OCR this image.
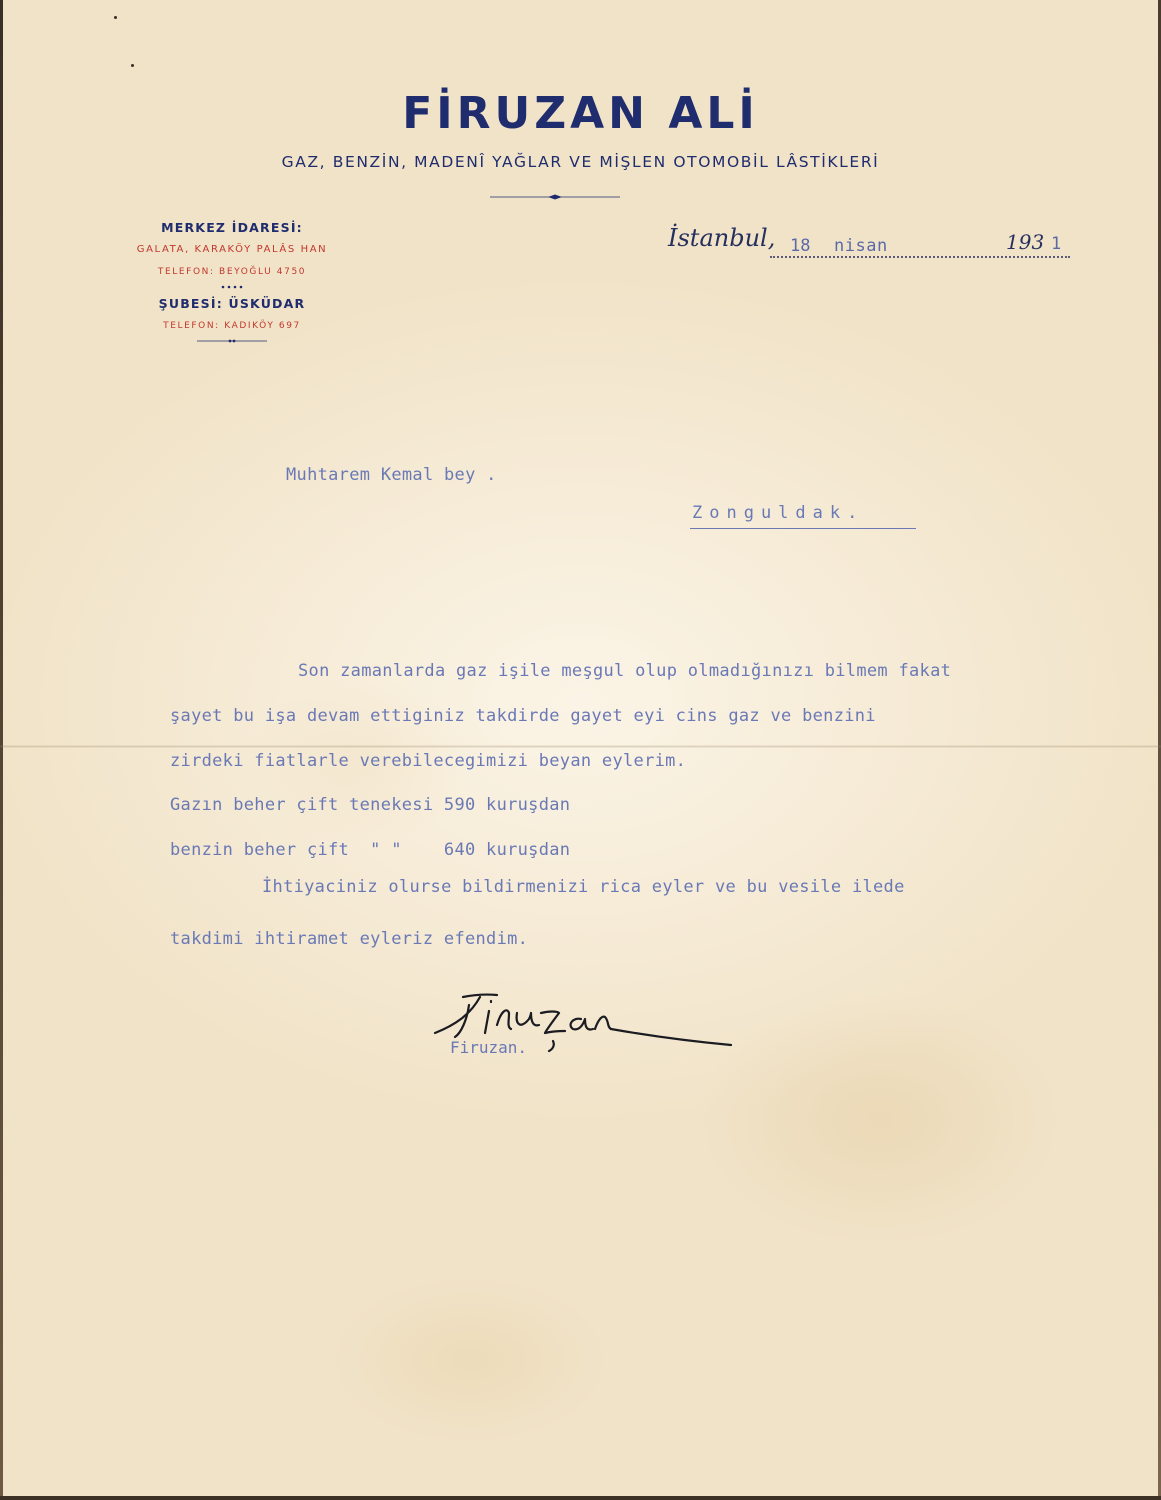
FİRUZAN ALİ
GAZ, BENZİN, MADENÎ YAĞLAR VE MİŞLEN OTOMOBİL LÂSTİKLERİ
MERKEZ İDARESİ:
GALATA, KARAKÖY PALÂS HAN
TELEFON: BEYOĞLU 4750
ŞUBESİ: ÜSKÜDAR
TELEFON: KADIKÖY 697
İstanbul, 18 nisan	193 1
Muhtarem Kemal bey .
Zonguldak.
Son zamanlarda gaz işile meşgul olup olmadığınızı bilmem fakat
şayet bu işa devam ettiginiz takdirde gayet eyi cins gaz ve benzini
zirdeki fiatlarle verebilecegimizi beyan eylerim.
Gazın beher çift tenekesi 590 kuruşdan
benzin beher çift  " "    640 kuruşdan
İhtiyaciniz olurse bildirmenizi rica eyler ve bu vesile ilede
takdimi ihtiramet eyleriz efendim.
Firuzan.
